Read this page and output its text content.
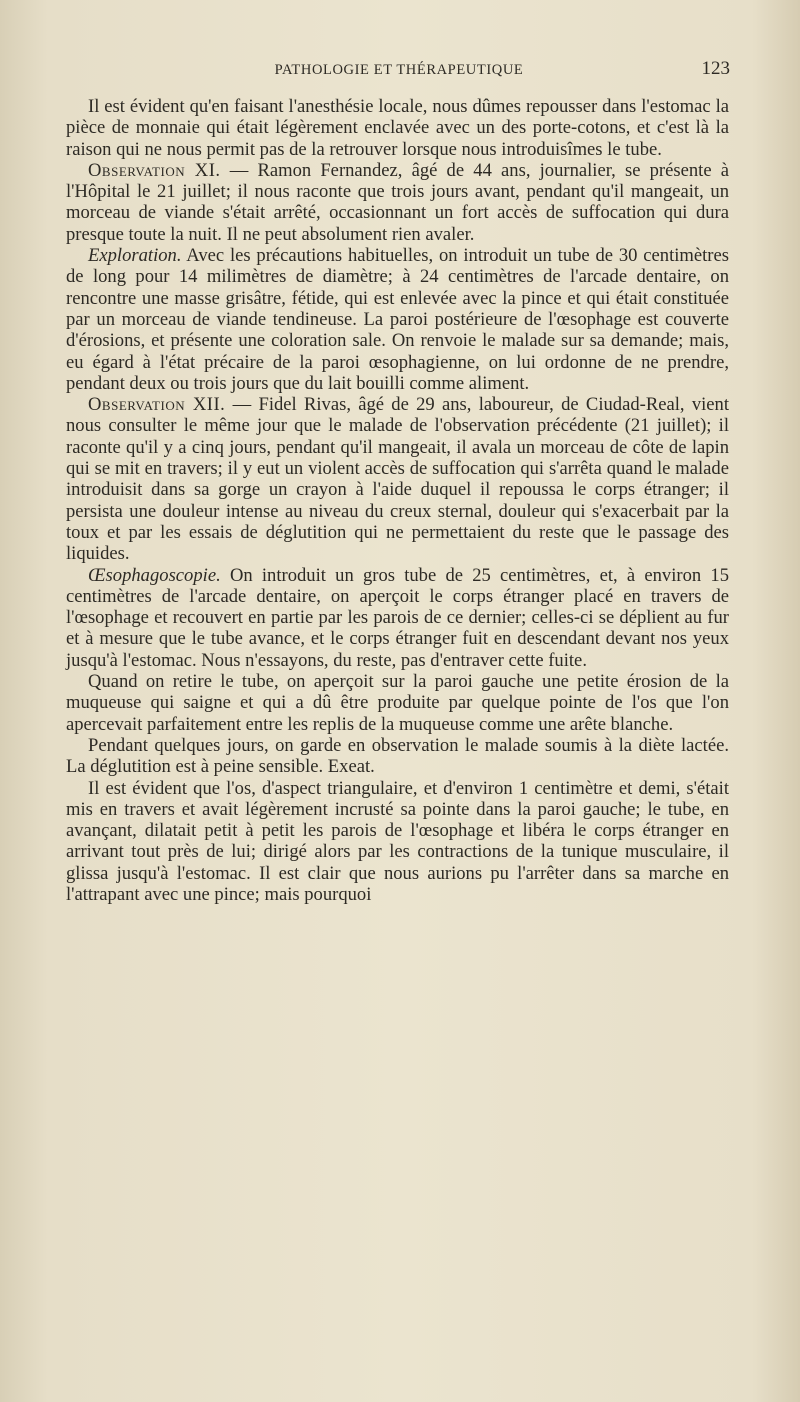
PATHOLOGIE ET THÉRAPEUTIQUE	123

Il est évident qu'en faisant l'anesthésie locale, nous dûmes repousser dans l'estomac la pièce de monnaie qui était légèrement enclavée avec un des porte-cotons, et c'est là la raison qui ne nous permit pas de la retrouver lorsque nous introduisîmes le tube.

Observation XI. — Ramon Fernandez, âgé de 44 ans, journalier, se présente à l'Hôpital le 21 juillet; il nous raconte que trois jours avant, pendant qu'il mangeait, un morceau de viande s'était arrêté, occasionnant un fort accès de suffocation qui dura presque toute la nuit. Il ne peut absolument rien avaler.

Exploration. Avec les précautions habituelles, on introduit un tube de 30 centimètres de long pour 14 milimètres de diamètre; à 24 centimètres de l'arcade dentaire, on rencontre une masse grisâtre, fétide, qui est enlevée avec la pince et qui était constituée par un morceau de viande tendineuse. La paroi postérieure de l'œsophage est couverte d'érosions, et présente une coloration sale. On renvoie le malade sur sa demande; mais, eu égard à l'état précaire de la paroi œsophagienne, on lui ordonne de ne prendre, pendant deux ou trois jours que du lait bouilli comme aliment.

Observation XII. — Fidel Rivas, âgé de 29 ans, laboureur, de Ciudad-Real, vient nous consulter le même jour que le malade de l'observation précédente (21 juillet); il raconte qu'il y a cinq jours, pendant qu'il mangeait, il avala un morceau de côte de lapin qui se mit en travers; il y eut un violent accès de suffocation qui s'arrêta quand le malade introduisit dans sa gorge un crayon à l'aide duquel il repoussa le corps étranger; il persista une douleur intense au niveau du creux sternal, douleur qui s'exacerbait par la toux et par les essais de déglutition qui ne permettaient du reste que le passage des liquides.

Œsophagoscopie. On introduit un gros tube de 25 centimètres, et, à environ 15 centimètres de l'arcade dentaire, on aperçoit le corps étranger placé en travers de l'œsophage et recouvert en partie par les parois de ce dernier; celles-ci se déplient au fur et à mesure que le tube avance, et le corps étranger fuit en descendant devant nos yeux jusqu'à l'estomac. Nous n'essayons, du reste, pas d'entraver cette fuite.

Quand on retire le tube, on aperçoit sur la paroi gauche une petite érosion de la muqueuse qui saigne et qui a dû être produite par quelque pointe de l'os que l'on apercevait parfaitement entre les replis de la muqueuse comme une arête blanche.

Pendant quelques jours, on garde en observation le malade soumis à la diète lactée. La déglutition est à peine sensible. Exeat.

Il est évident que l'os, d'aspect triangulaire, et d'environ 1 centimètre et demi, s'était mis en travers et avait légèrement incrusté sa pointe dans la paroi gauche; le tube, en avançant, dilatait petit à petit les parois de l'œsophage et libéra le corps étranger en arrivant tout près de lui; dirigé alors par les contractions de la tunique musculaire, il glissa jusqu'à l'estomac. Il est clair que nous aurions pu l'arrêter dans sa marche en l'attrapant avec une pince; mais pourquoi
